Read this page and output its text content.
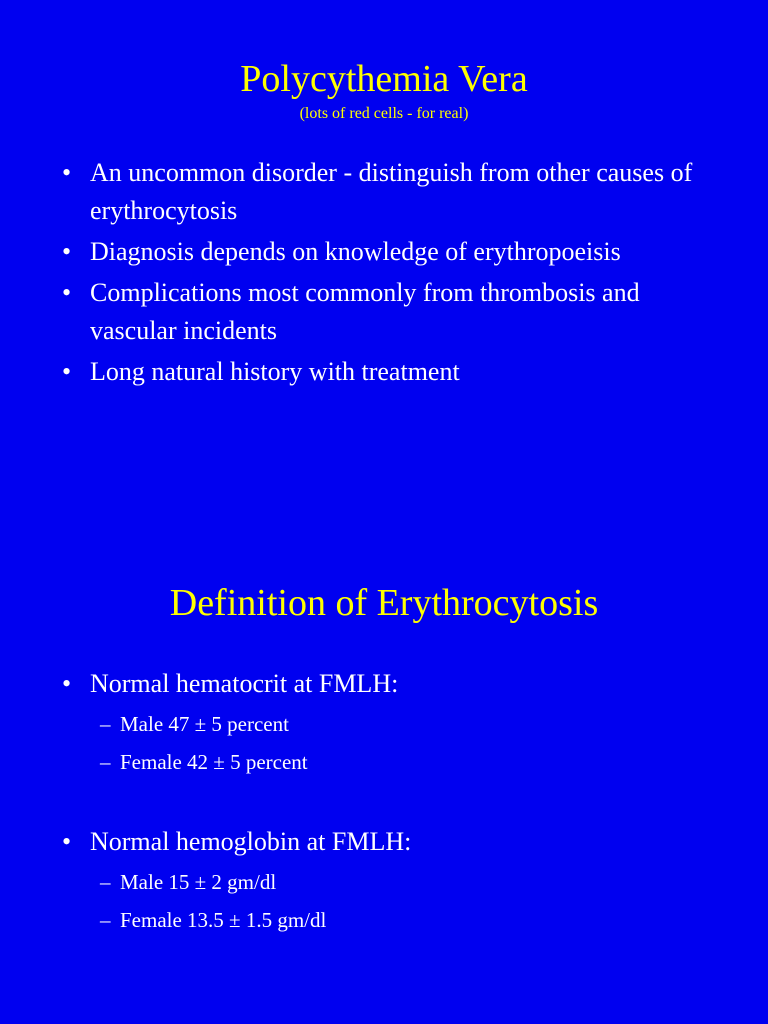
Polycythemia Vera
(lots of red cells - for real)
• An uncommon disorder - distinguish from other causes of erythrocytosis
• Diagnosis depends on knowledge of erythropoeisis
• Complications most commonly from thrombosis and vascular incidents
• Long natural history with treatment
Definition of Erythrocytosis
• Normal hematocrit at FMLH:
– Male 47 ± 5 percent
– Female 42 ± 5 percent
• Normal hemoglobin at FMLH:
– Male 15 ± 2 gm/dl
– Female 13.5 ± 1.5 gm/dl
